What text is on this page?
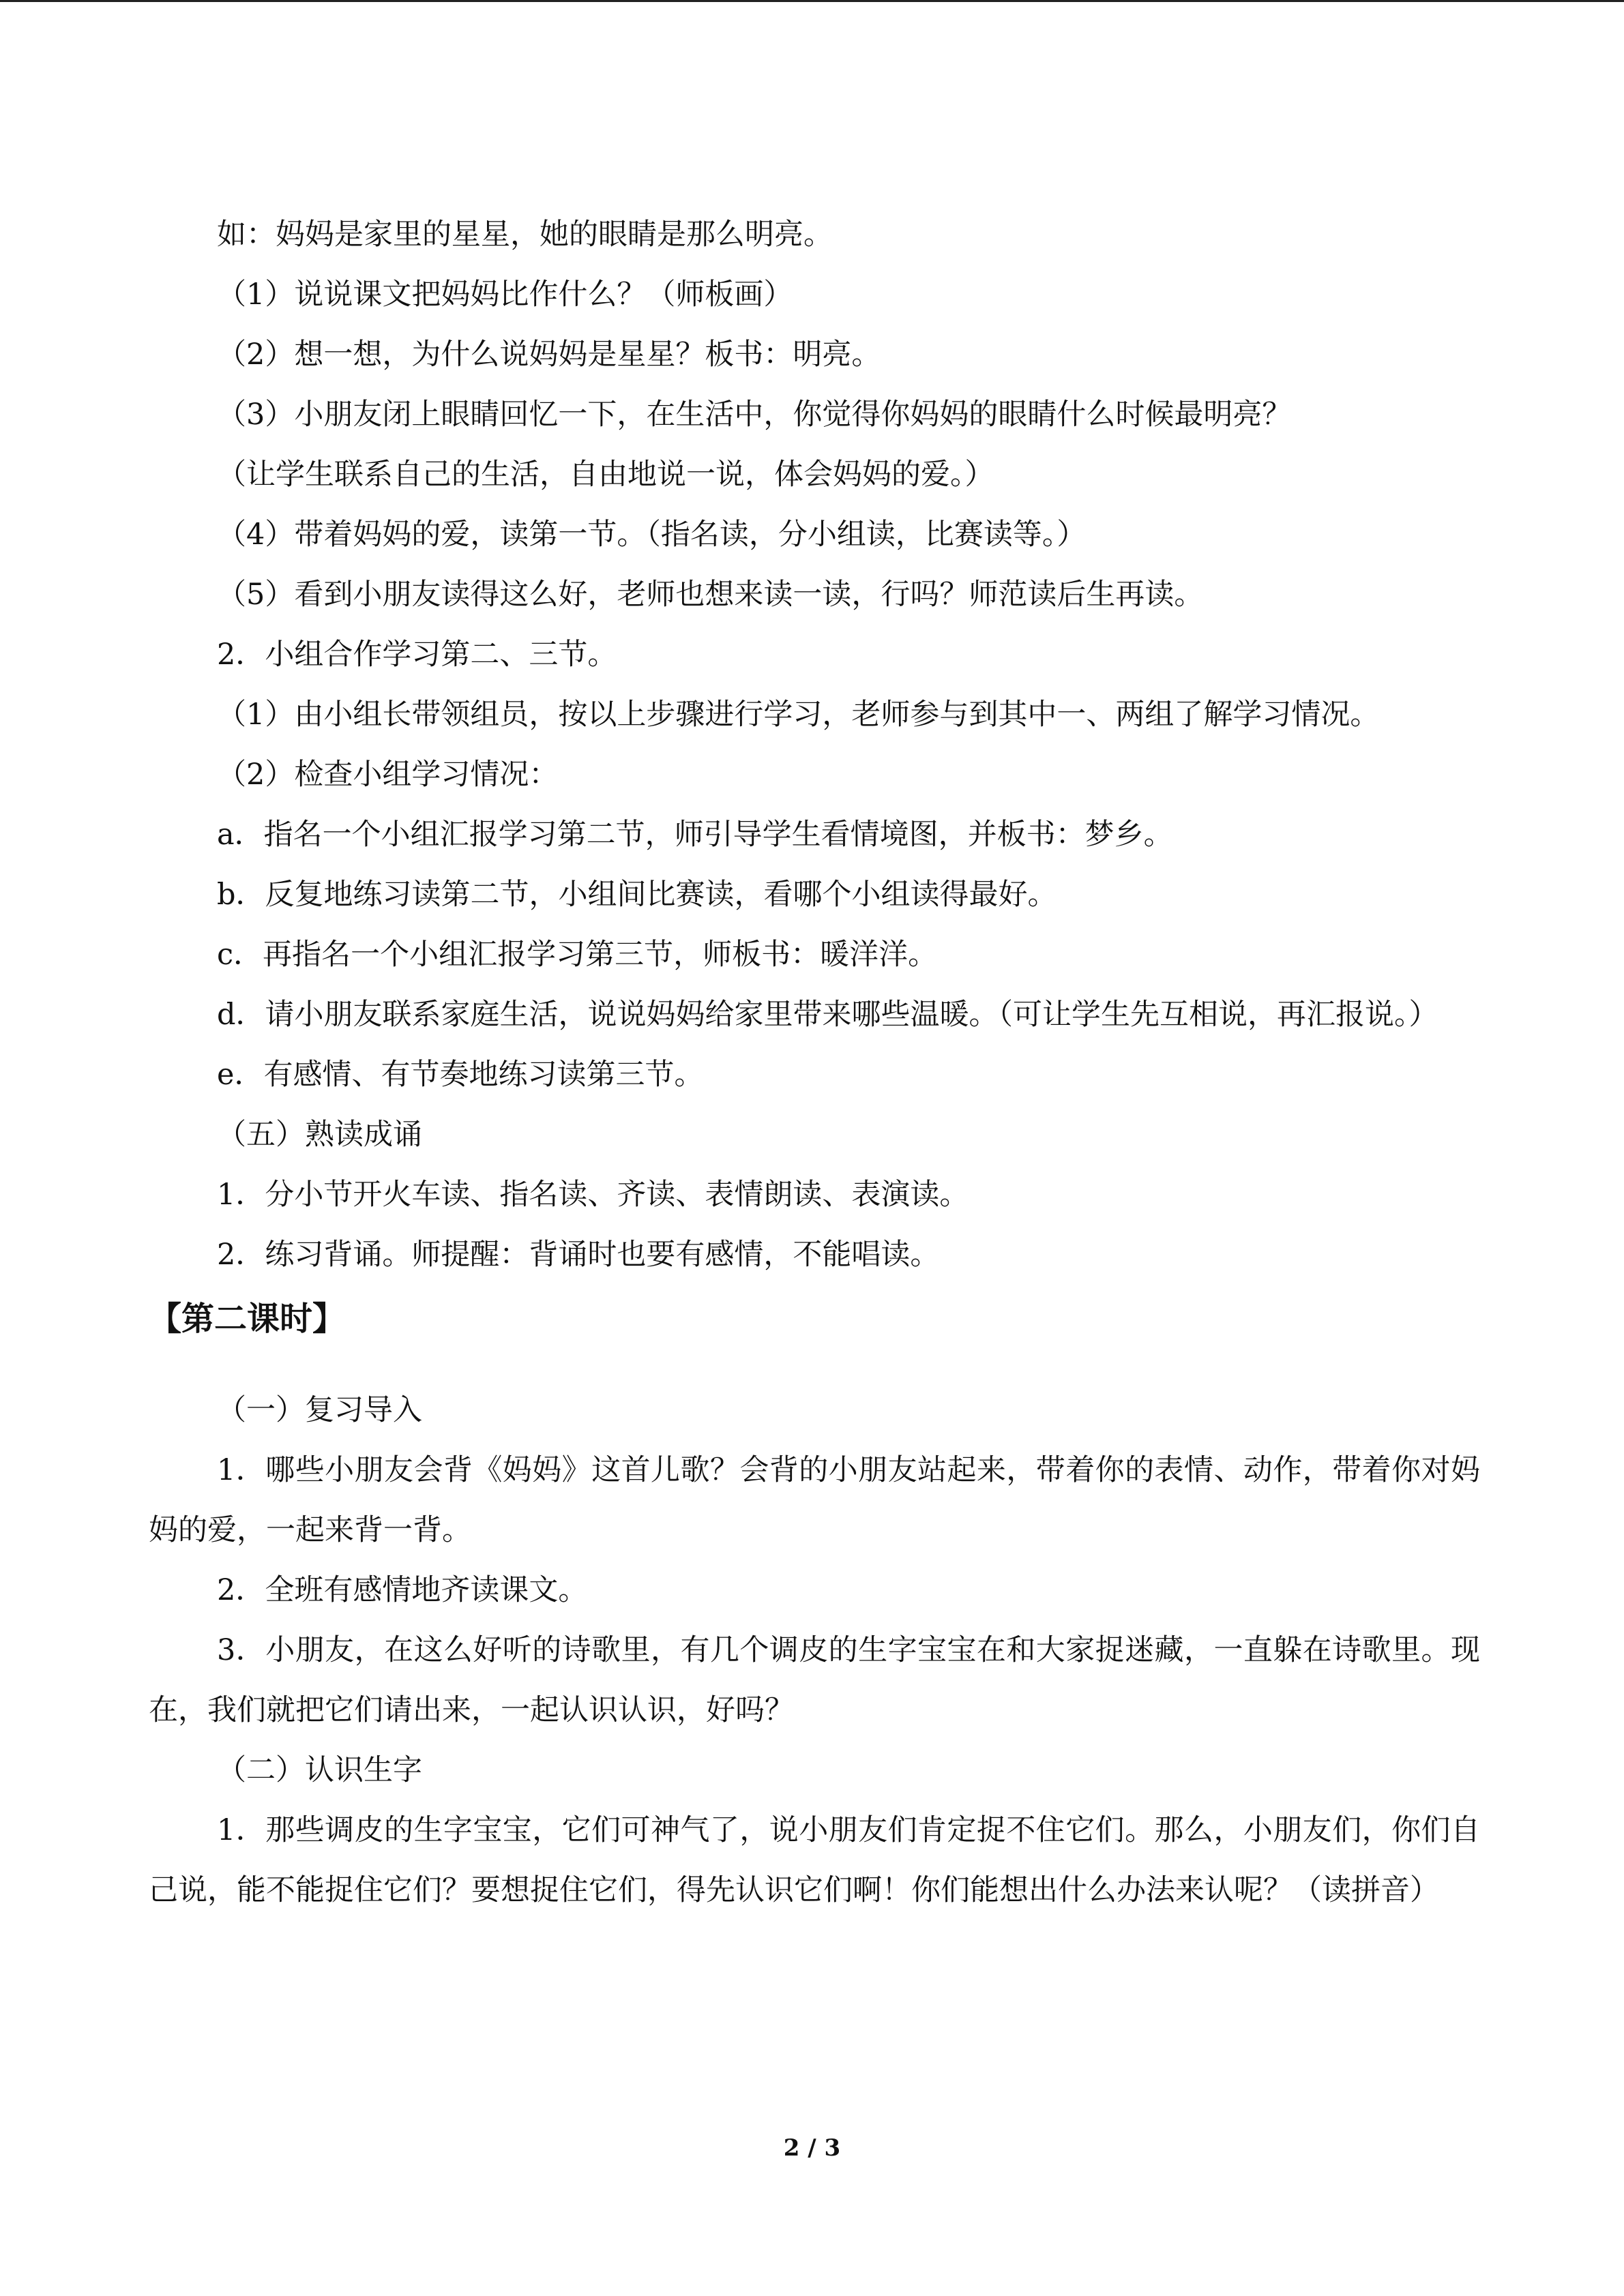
如：妈妈是家里的星星，她的眼睛是那么明亮。

（1）说说课文把妈妈比作什么？（师板画）

（2）想一想，为什么说妈妈是星星？板书：明亮。

（3）小朋友闭上眼睛回忆一下，在生活中，你觉得你妈妈的眼睛什么时候最明亮？

（让学生联系自己的生活，自由地说一说，体会妈妈的爱。）

（4）带着妈妈的爱，读第一节。（指名读，分小组读，比赛读等。）

（5）看到小朋友读得这么好，老师也想来读一读，行吗？师范读后生再读。

2．小组合作学习第二、三节。

（1）由小组长带领组员，按以上步骤进行学习，老师参与到其中一、两组了解学习情况。

（2）检查小组学习情况：

a．指名一个小组汇报学习第二节，师引导学生看情境图，并板书：梦乡。

b．反复地练习读第二节，小组间比赛读，看哪个小组读得最好。

c．再指名一个小组汇报学习第三节，师板书：暖洋洋。

d．请小朋友联系家庭生活，说说妈妈给家里带来哪些温暖。（可让学生先互相说，再汇报说。）

e．有感情、有节奏地练习读第三节。

（五）熟读成诵

1．分小节开火车读、指名读、齐读、表情朗读、表演读。

2．练习背诵。师提醒：背诵时也要有感情，不能唱读。

【第二课时】

（一）复习导入

1．哪些小朋友会背《妈妈》这首儿歌？会背的小朋友站起来，带着你的表情、动作，带着你对妈妈的爱，一起来背一背。

2．全班有感情地齐读课文。

3．小朋友，在这么好听的诗歌里，有几个调皮的生字宝宝在和大家捉迷藏，一直躲在诗歌里。现在，我们就把它们请出来，一起认识认识，好吗？

（二）认识生字

1．那些调皮的生字宝宝，它们可神气了，说小朋友们肯定捉不住它们。那么，小朋友们，你们自己说，能不能捉住它们？要想捉住它们，得先认识它们啊！你们能想出什么办法来认呢？（读拼音）

2 / 3
